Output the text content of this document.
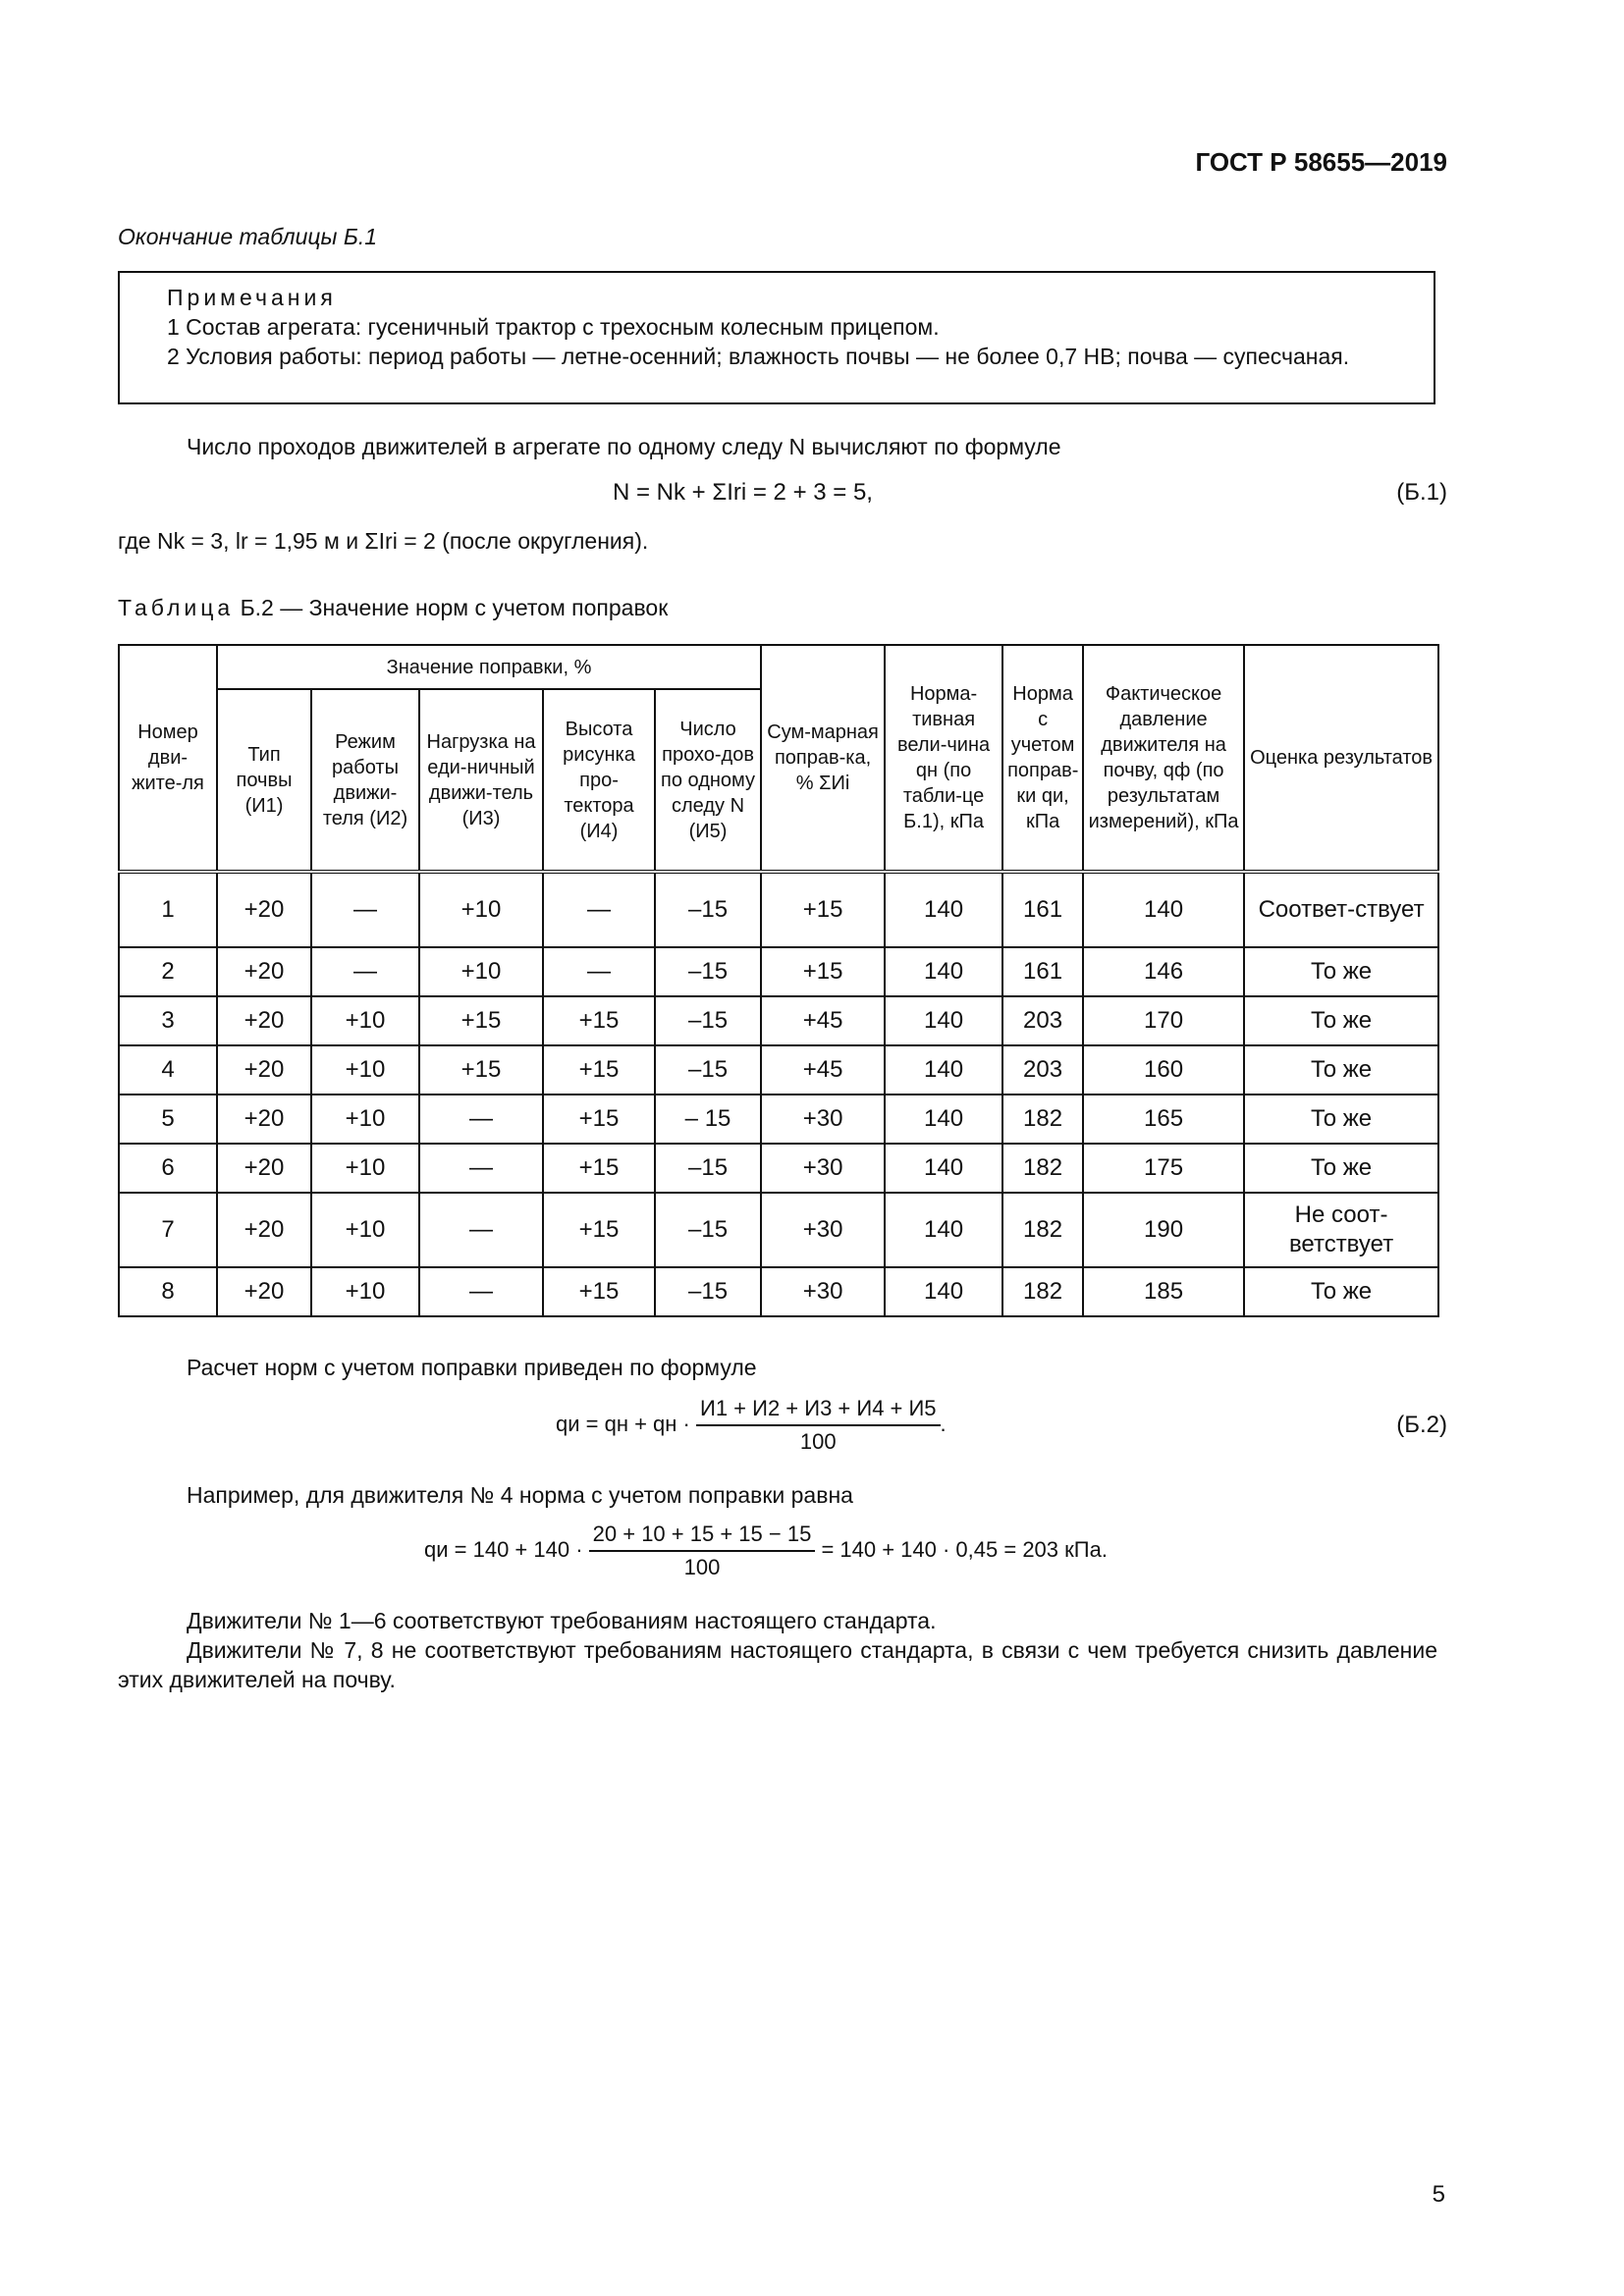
ГОСТ Р 58655—2019
Окончание таблицы Б.1
Примечания
1 Состав агрегата: гусеничный трактор с трехосным колесным прицепом.
2 Условия работы: период работы — летне-осенний; влажность почвы — не более 0,7 НВ; почва — супесчаная.
Число проходов движителей в агрегате по одному следу N вычисляют по формуле
N = Nk + ΣIri = 2 + 3 = 5,	(Б.1)
где Nk = 3, lr = 1,95 м и ΣIri = 2 (после округления).
Таблица Б.2 — Значение норм с учетом поправок
Номер дви-жите-ля	Значение поправки, %					Сум-марная поправ-ка, % ΣИi	Норма-тивная вели-чина qн (по табли-це Б.1), кПа	Норма с учетом поправ-ки qи, кПа	Фактическое давление движителя на почву, qф (по результатам измерений), кПа	Оценка результатов
	Тип почвы (И1)	Режим работы движи-теля (И2)	Нагрузка на еди-ничный движи-тель (И3)	Высота рисунка про-тектора (И4)	Число прохо-дов по одному следу N (И5)					
1	+20	—	+10	—	–15	+15	140	161	140	Соответ-ствует
2	+20	—	+10	—	–15	+15	140	161	146	То же
3	+20	+10	+15	+15	–15	+45	140	203	170	То же
4	+20	+10	+15	+15	–15	+45	140	203	160	То же
5	+20	+10	—	+15	– 15	+30	140	182	165	То же
6	+20	+10	—	+15	–15	+30	140	182	175	То же
7	+20	+10	—	+15	–15	+30	140	182	190	Не соот-ветствует
8	+20	+10	—	+15	–15	+30	140	182	185	То же
Расчет норм с учетом поправки приведен по формуле
qи = qн + qн · $\frac{И1 + И2 + И3 + И4 + И5}{100}$ .	(Б.2)
Например, для движителя № 4 норма с учетом поправки равна
qи = $140 + 140 \cdot \frac{20 + 10 + 15 + 15 - 15}{100} = 140 + 140 \cdot 0,45 = 203$ кПа.
Движители № 1—6 соответствуют требованиям настоящего стандарта.
Движители № 7, 8 не соответствуют требованиям настоящего стандарта, в связи с чем требуется снизить давление этих движителей на почву.
5
